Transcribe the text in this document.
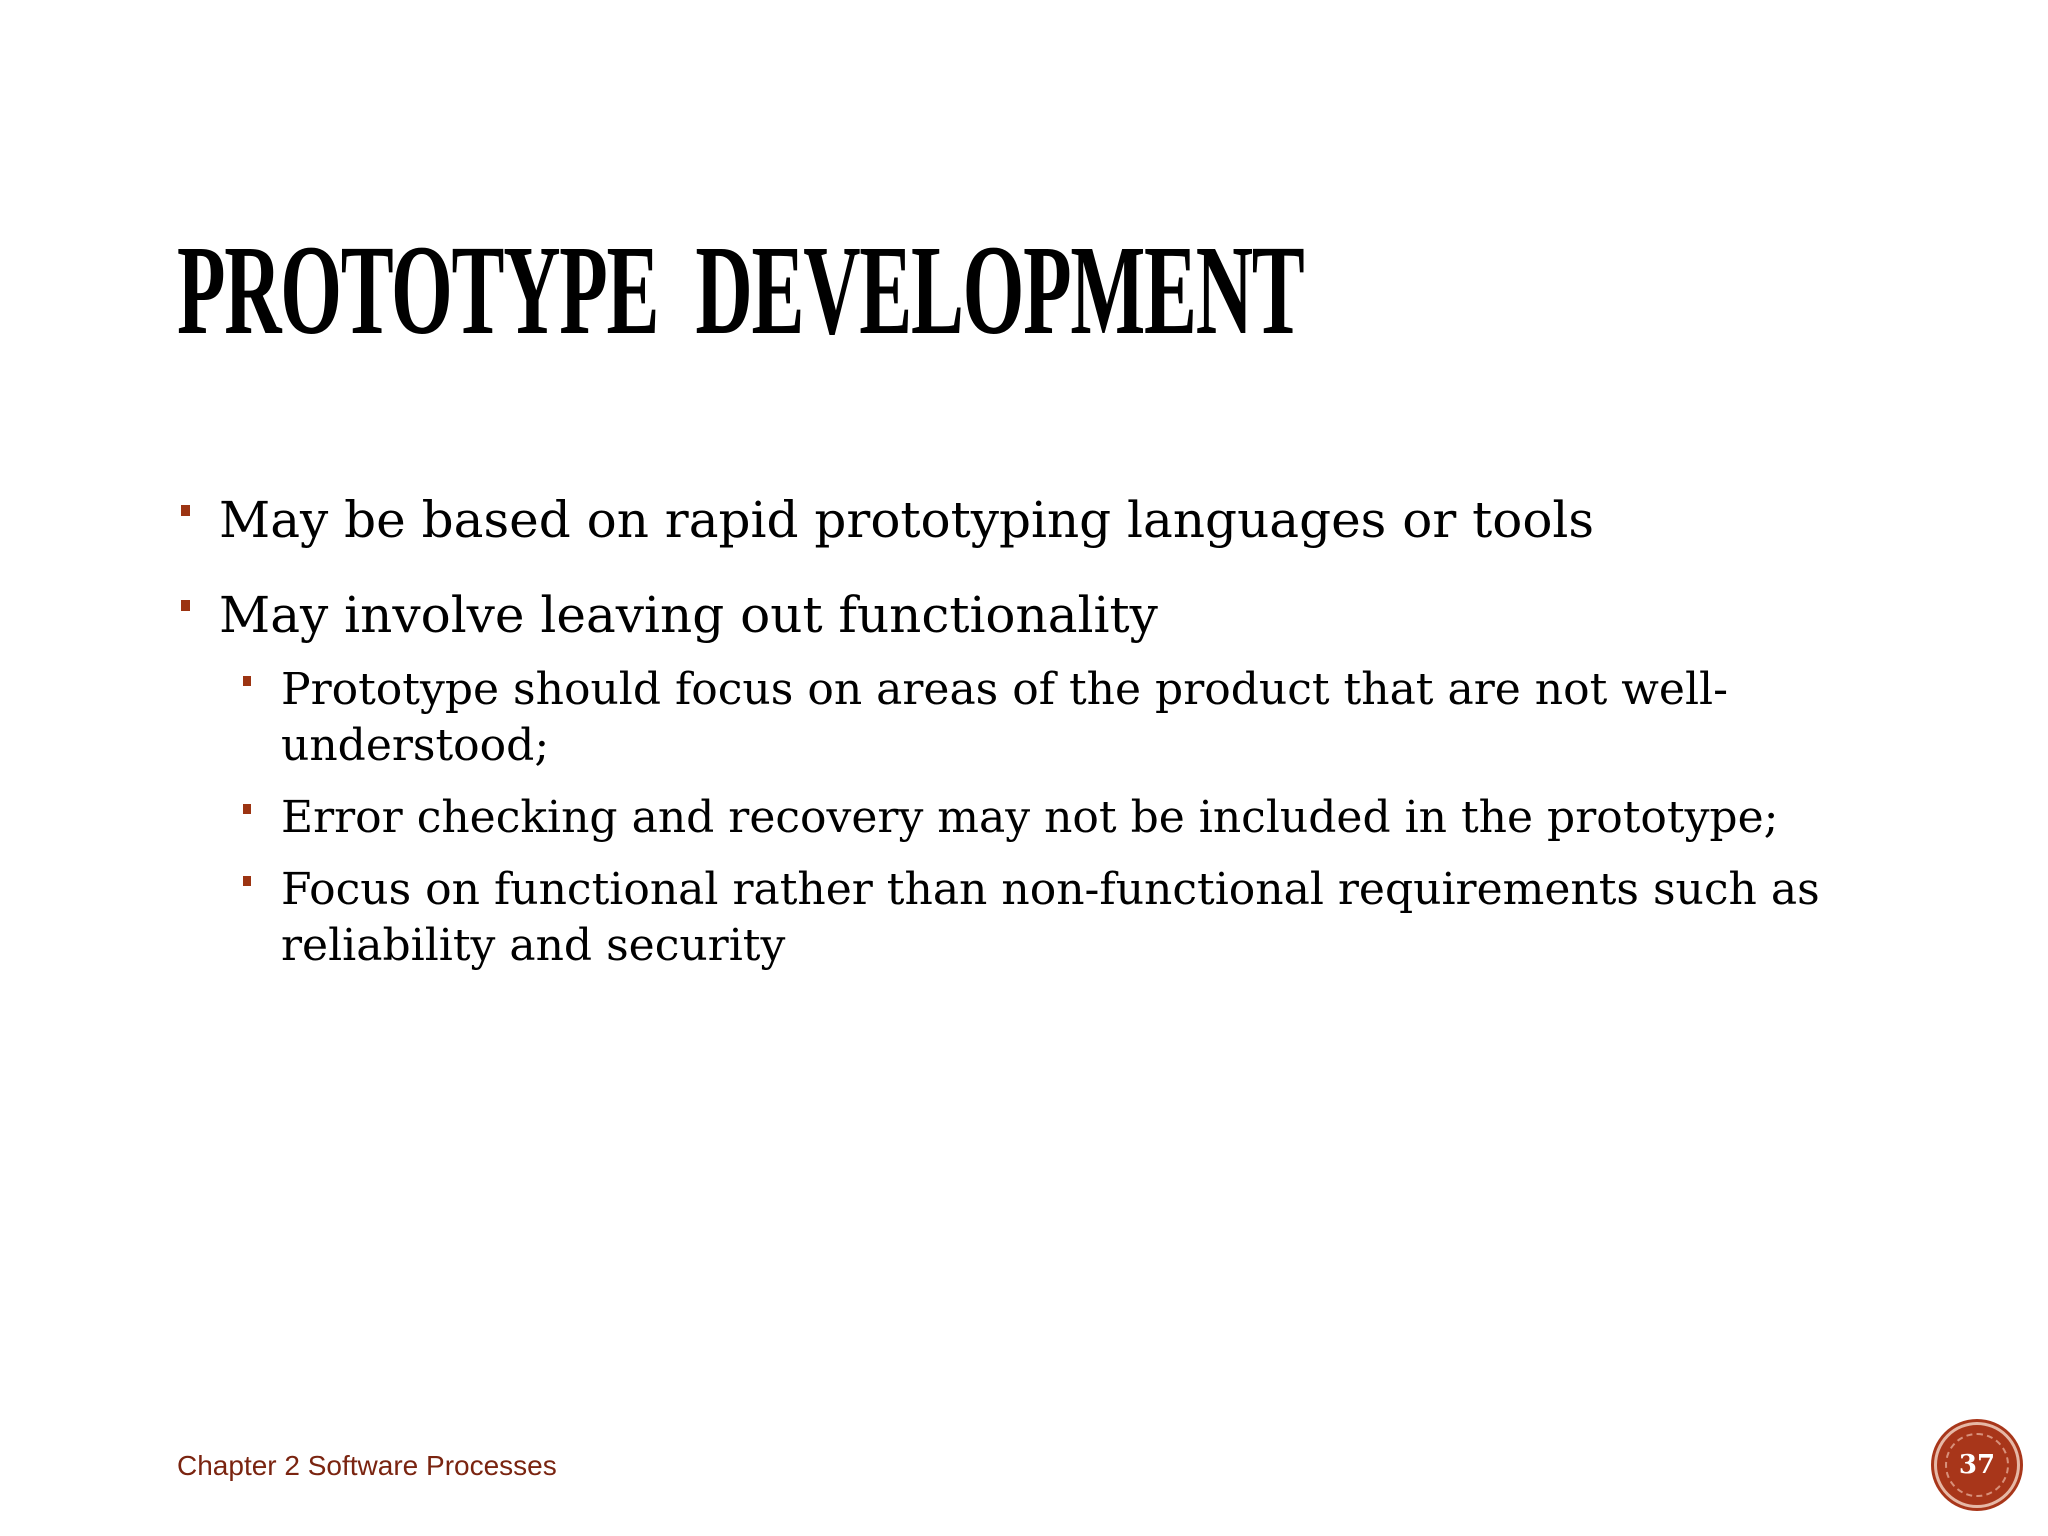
PROTOTYPE DEVELOPMENT
May be based on rapid prototyping languages or tools
May involve leaving out functionality
Prototype should focus on areas of the product that are not well-understood;
Error checking and recovery may not be included in the prototype;
Focus on functional rather than non-functional requirements such as reliability and security
Chapter 2 Software Processes	37
